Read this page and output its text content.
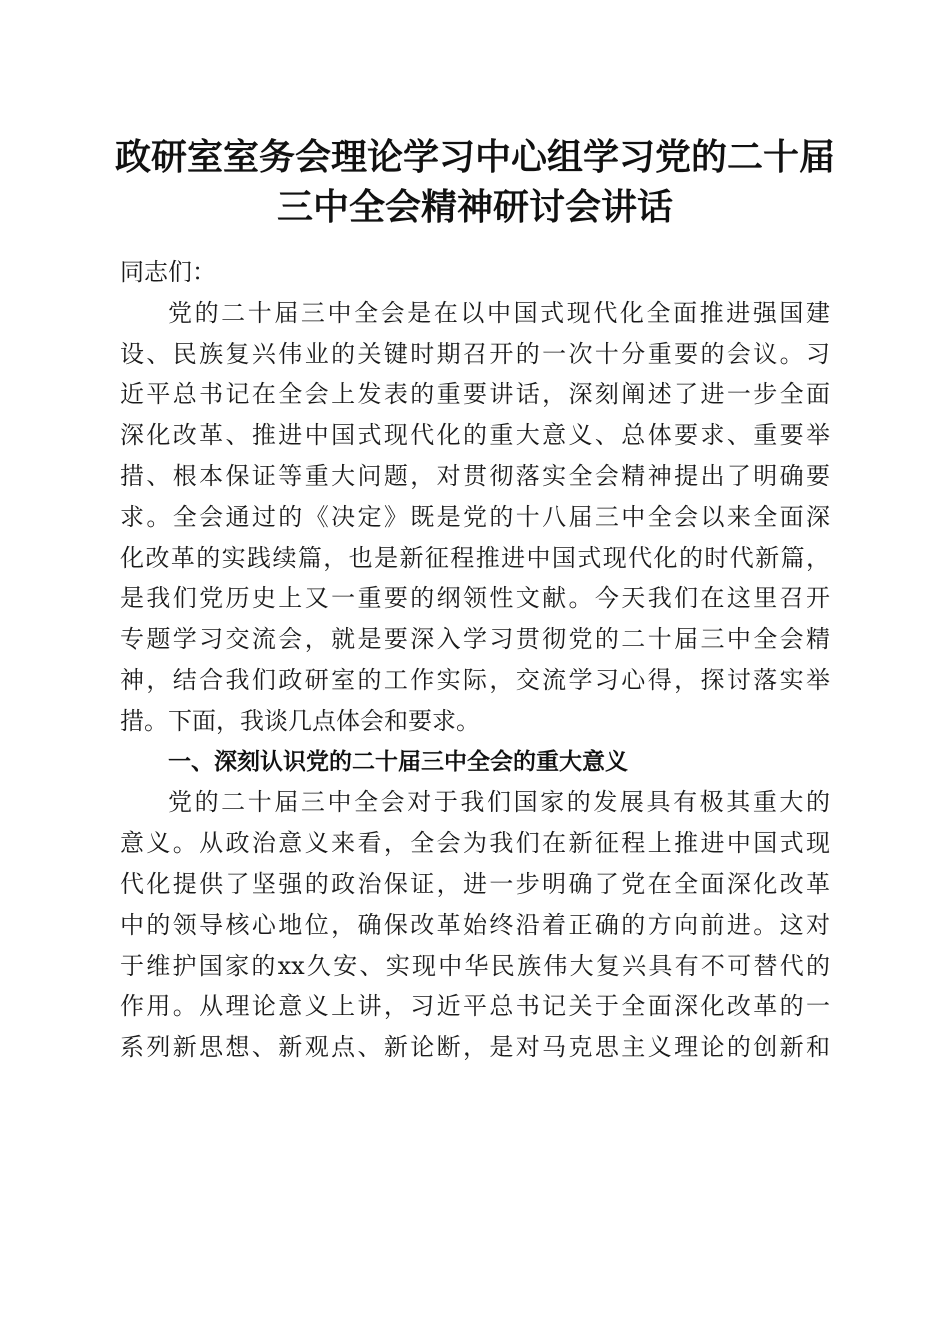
政研室室务会理论学习中心组学习党的二十届
三中全会精神研讨会讲话
同志们：
党的二十届三中全会是在以中国式现代化全面推进强国建
设、民族复兴伟业的关键时期召开的一次十分重要的会议。习
近平总书记在全会上发表的重要讲话，深刻阐述了进一步全面
深化改革、推进中国式现代化的重大意义、总体要求、重要举
措、根本保证等重大问题，对贯彻落实全会精神提出了明确要
求。全会通过的《决定》既是党的十八届三中全会以来全面深
化改革的实践续篇，也是新征程推进中国式现代化的时代新篇，
是我们党历史上又一重要的纲领性文献。今天我们在这里召开
专题学习交流会，就是要深入学习贯彻党的二十届三中全会精
神，结合我们政研室的工作实际，交流学习心得，探讨落实举
措。下面，我谈几点体会和要求。
一、深刻认识党的二十届三中全会的重大意义
党的二十届三中全会对于我们国家的发展具有极其重大的
意义。从政治意义来看，全会为我们在新征程上推进中国式现
代化提供了坚强的政治保证，进一步明确了党在全面深化改革
中的领导核心地位，确保改革始终沿着正确的方向前进。这对
于维护国家的xx久安、实现中华民族伟大复兴具有不可替代的
作用。从理论意义上讲，习近平总书记关于全面深化改革的一
系列新思想、新观点、新论断，是对马克思主义理论的创新和
